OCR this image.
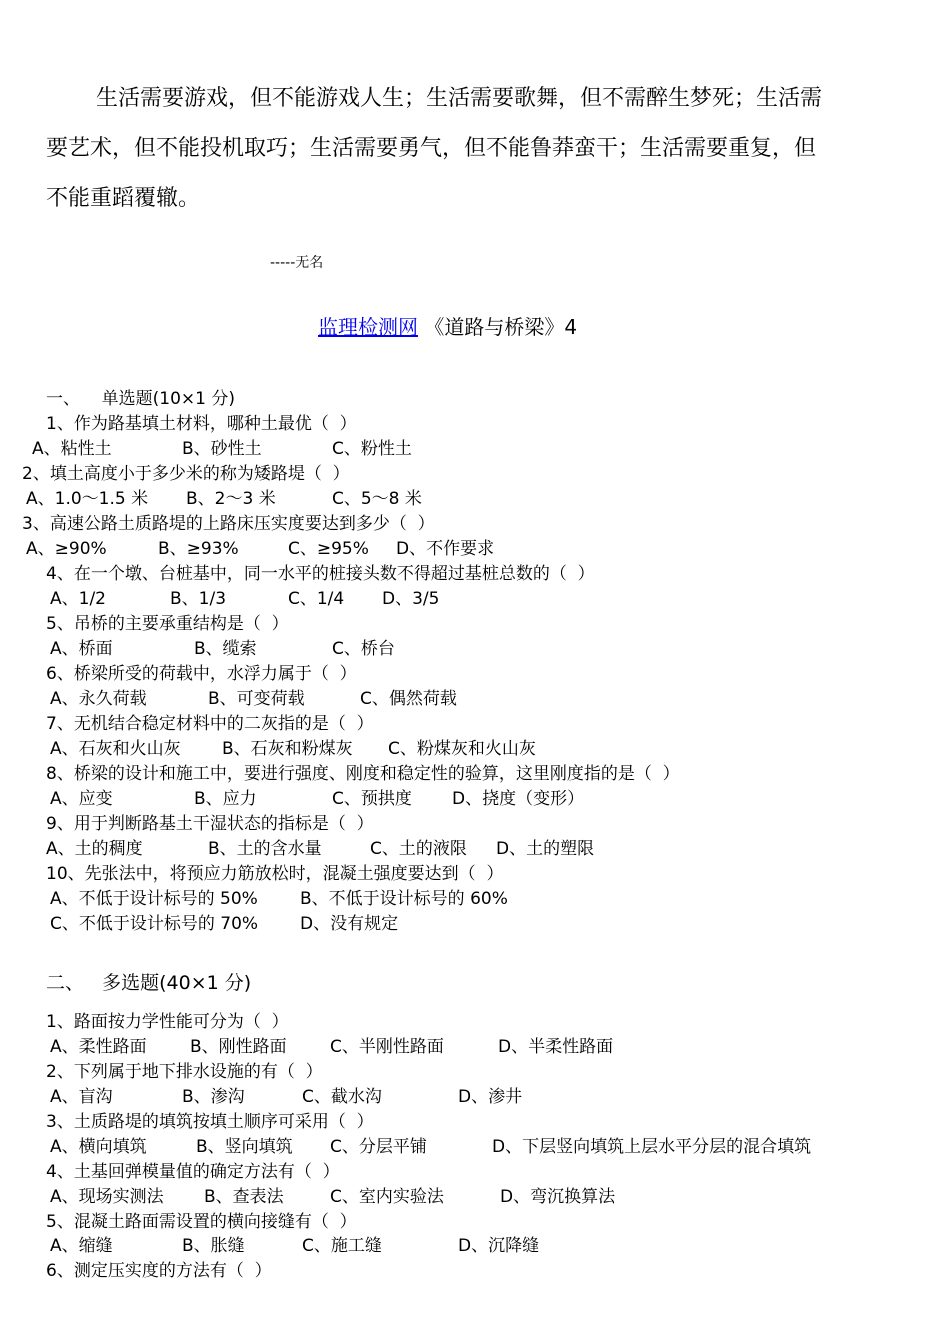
生活需要游戏，但不能游戏人生；生活需要歌舞，但不需醉生梦死；生活需
要艺术，但不能投机取巧；生活需要勇气，但不能鲁莽蛮干；生活需要重复，但
不能重蹈覆辙。
-----无名
监理检测网 《道路与桥梁》4
一、    单选题(10×1 分)
1、作为路基填土材料，哪种土最优（  ）
A、粘性土	B、砂性土	C、粉性土
2、填土高度小于多少米的称为矮路堤（  ）
A、1.0～1.5 米 B、2～3 米	C、5～8 米
3、高速公路土质路堤的上路床压实度要达到多少（  ）
A、≥90%	B、≥93%	C、≥95% D、不作要求
4、在一个墩、台桩基中，同一水平的桩接头数不得超过基桩总数的（  ）
A、1/2	B、1/3	C、1/4 D、3/5
5、吊桥的主要承重结构是（  ）
A、桥面	B、缆索	C、桥台
6、桥梁所受的荷载中，水浮力属于（  ）
A、永久荷载	B、可变荷载	C、偶然荷载
7、无机结合稳定材料中的二灰指的是（  ）
A、石灰和火山灰 B、石灰和粉煤灰 C、粉煤灰和火山灰
8、桥梁的设计和施工中，要进行强度、刚度和稳定性的验算，这里刚度指的是（  ）
A、应变	B、应力	C、预拱度 D、挠度（变形）
9、用于判断路基土干湿状态的指标是（  ）
A、土的稠度	B、土的含水量	C、土的液限 D、土的塑限
10、先张法中，将预应力筋放松时，混凝土强度要达到（  ）
A、不低于设计标号的 50% B、不低于设计标号的 60%
C、不低于设计标号的 70% D、没有规定
二、   多选题(40×1 分)
1、路面按力学性能可分为（  ）
A、柔性路面	B、刚性路面	C、半刚性路面	D、半柔性路面
2、下列属于地下排水设施的有（  ）
A、盲沟	B、渗沟	C、截水沟	D、渗井
3、土质路堤的填筑按填土顺序可采用（  ）
A、横向填筑	B、竖向填筑 C、分层平铺	D、下层竖向填筑上层水平分层的混合填筑
4、土基回弹模量值的确定方法有（  ）
A、现场实测法 B、查表法	C、室内实验法	D、弯沉换算法
5、混凝土路面需设置的横向接缝有（  ）
A、缩缝	B、胀缝	C、施工缝	D、沉降缝
6、测定压实度的方法有（  ）
